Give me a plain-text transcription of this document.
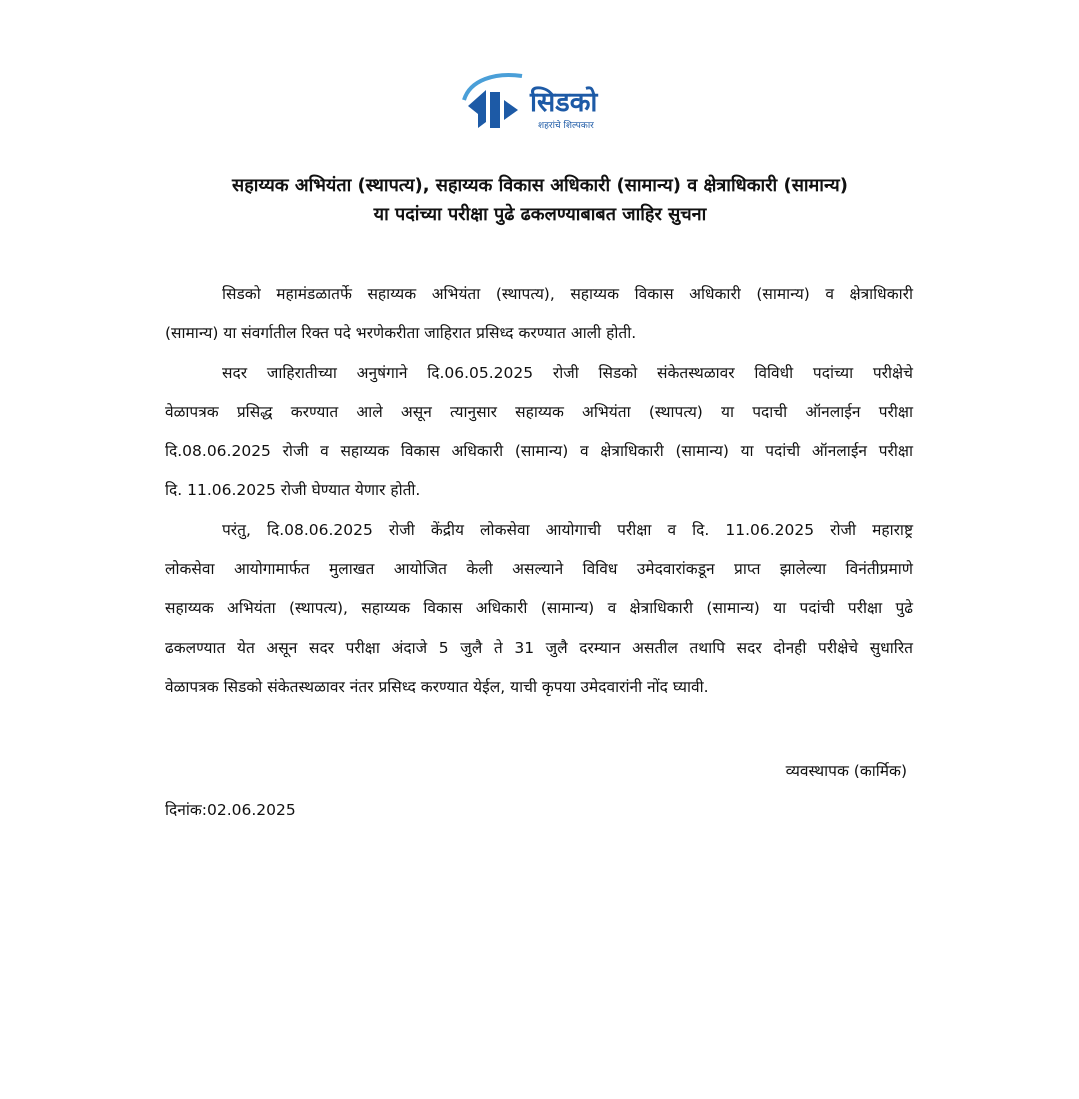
सिडको
शहरांचे शिल्पकार
सहाय्यक अभियंता (स्थापत्य), सहाय्यक विकास अधिकारी (सामान्य) व क्षेत्राधिकारी (सामान्य)
या पदांच्या परीक्षा पुढे ढकलण्याबाबत जाहिर सुचना
सिडको महामंडळातर्फे सहाय्यक अभियंता (स्थापत्य), सहाय्यक विकास अधिकारी (सामान्य) व क्षेत्राधिकारी
(सामान्य) या संवर्गातील रिक्त पदे भरणेकरीता जाहिरात प्रसिध्द करण्यात आली होती.
सदर जाहिरातीच्या अनुषंगाने दि.06.05.2025 रोजी सिडको संकेतस्थळावर विविधी पदांच्या परीक्षेचे
वेळापत्रक प्रसिद्ध करण्यात आले असून त्यानुसार सहाय्यक अभियंता (स्थापत्य) या पदाची ऑनलाईन परीक्षा
दि.08.06.2025 रोजी व सहाय्यक विकास अधिकारी (सामान्य) व क्षेत्राधिकारी (सामान्य) या पदांची ऑनलाईन परीक्षा
दि. 11.06.2025 रोजी घेण्यात येणार होती.
परंतु, दि.08.06.2025 रोजी केंद्रीय लोकसेवा आयोगाची परीक्षा व दि. 11.06.2025 रोजी महाराष्ट्र
लोकसेवा आयोगामार्फत मुलाखत आयोजित केली असल्याने विविध उमेदवारांकडून प्राप्त झालेल्या विनंतीप्रमाणे
सहाय्यक अभियंता (स्थापत्य), सहाय्यक विकास अधिकारी (सामान्य) व क्षेत्राधिकारी (सामान्य) या पदांची परीक्षा पुढे
ढकलण्यात येत असून सदर परीक्षा अंदाजे 5 जुलै ते 31 जुलै दरम्यान असतील तथापि सदर दोनही परीक्षेचे सुधारित
वेळापत्रक सिडको संकेतस्थळावर नंतर प्रसिध्द करण्यात येईल, याची कृपया उमेदवारांनी नोंद घ्यावी.
व्यवस्थापक (कार्मिक)
दिनांक:02.06.2025
